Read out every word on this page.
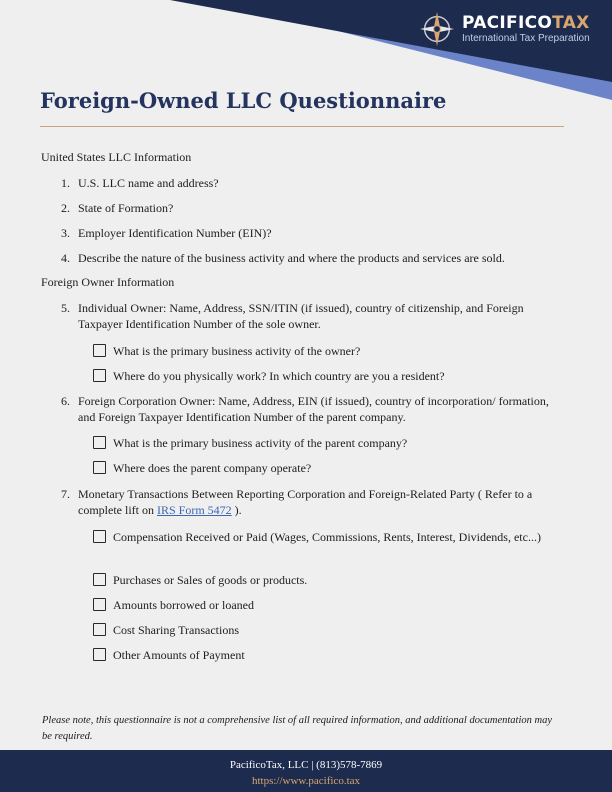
PACIFICOTAX
International Tax Preparation
Foreign-Owned LLC Questionnaire
United States LLC Information
1. U.S. LLC name and address?
2. State of Formation?
3. Employer Identification Number (EIN)?
4. Describe the nature of the business activity and where the products and services are sold.
Foreign Owner Information
5. Individual Owner: Name, Address, SSN/ITIN (if issued), country of citizenship, and Foreign Taxpayer Identification Number of the sole owner.
What is the primary business activity of the owner?
Where do you physically work? In which country are you a resident?
6. Foreign Corporation Owner: Name, Address, EIN (if issued), country of incorporation/ formation, and Foreign Taxpayer Identification Number of the parent company.
What is the primary business activity of the parent company?
Where does the parent company operate?
7. Monetary Transactions Between Reporting Corporation and Foreign-Related Party ( Refer to a complete lift on IRS Form 5472 ).
Compensation Received or Paid (Wages, Commissions, Rents, Interest, Dividends, etc...)
Purchases or Sales of goods or products.
Amounts borrowed or loaned
Cost Sharing Transactions
Other Amounts of Payment
Please note, this questionnaire is not a comprehensive list of all required information, and additional documentation may be required.
PacificoTax, LLC | (813)578-7869
https://www.pacifico.tax
